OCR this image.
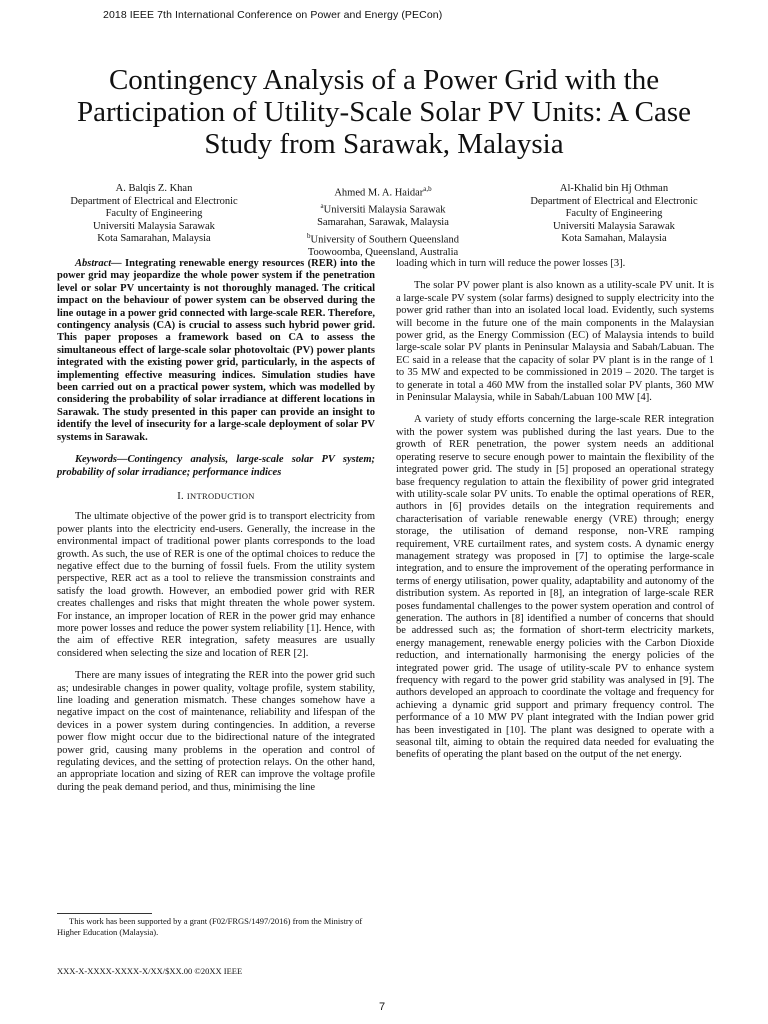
2018 IEEE 7th International Conference on Power and Energy (PECon)
Contingency Analysis of a Power Grid with the Participation of Utility-Scale Solar PV Units: A Case Study from Sarawak, Malaysia
A. Balqis Z. Khan
Department of Electrical and Electronic
Faculty of Engineering
Universiti Malaysia Sarawak
Kota Samarahan, Malaysia
Ahmed M. A. Haidar$^{a,b}$
$^a$Universiti Malaysia Sarawak
Samarahan, Sarawak, Malaysia
$^b$University of Southern Queensland
Toowoomba, Queensland, Australia
Al-Khalid bin Hj Othman
Department of Electrical and Electronic
Faculty of Engineering
Universiti Malaysia Sarawak
Kota Samahan, Malaysia

Abstract— Integrating renewable energy resources (RER) into the power grid may jeopardize the whole power system if the penetration level or solar PV uncertainty is not thoroughly managed. The critical impact on the behaviour of power system can be observed during the line outage in a power grid connected with large-scale RER. Therefore, contingency analysis (CA) is crucial to assess such hybrid power grid. This paper proposes a framework based on CA to assess the simultaneous effect of large-scale solar photovoltaic (PV) power plants integrated with the existing power grid, particularly, in the aspects of implementing effective measuring indices. Simulation studies have been carried out on a practical power system, which was modelled by considering the probability of solar irradiance at different locations in Sarawak. The study presented in this paper can provide an insight to identify the level of insecurity for a large-scale deployment of solar PV systems in Sarawak.

Keywords—Contingency analysis, large-scale solar PV system; probability of solar irradiance; performance indices

I. INTRODUCTION

The ultimate objective of the power grid is to transport electricity from power plants into the electricity end-users. Generally, the increase in the environmental impact of traditional power plants corresponds to the load growth. As such, the use of RER is one of the optimal choices to reduce the negative effect due to the burning of fossil fuels. From the utility system perspective, RER act as a tool to relieve the transmission constraints and satisfy the load growth. However, an embodied power grid with RER creates challenges and risks that might threaten the whole power system. For instance, an improper location of RER in the power grid may enhance more power losses and reduce the power system reliability [1]. Hence, with the aim of effective RER integration, safety measures are usually considered when selecting the size and location of RER [2].

There are many issues of integrating the RER into the power grid such as; undesirable changes in power quality, voltage profile, system stability, line loading and generation mismatch. These changes somehow have a negative impact on the cost of maintenance, reliability and lifespan of the devices in a power system during contingencies. In addition, a reverse power flow might occur due to the bidirectional nature of the integrated power grid, causing many problems in the operation and control of regulating devices, and the setting of protection relays. On the other hand, an appropriate location and sizing of RER can improve the voltage profile during the peak demand period, and thus, minimising the line

loading which in turn will reduce the power losses [3].

The solar PV power plant is also known as a utility-scale PV unit. It is a large-scale PV system (solar farms) designed to supply electricity into the power grid rather than into an isolated local load. Evidently, such systems will become in the future one of the main components in the Malaysian power grid, as the Energy Commission (EC) of Malaysia intends to build large-scale solar PV plants in Peninsular Malaysia and Sabah/Labuan. The EC said in a release that the capacity of solar PV plant is in the range of 1 to 35 MW and expected to be commissioned in 2019 – 2020. The target is to generate in total a 460 MW from the installed solar PV plants, 360 MW in Peninsular Malaysia, while in Sabah/Labuan 100 MW [4].

A variety of study efforts concerning the large-scale RER integration with the power system was published during the last years. Due to the growth of RER penetration, the power system needs an additional operating reserve to secure enough power to maintain the flexibility of the integrated power grid. The study in [5] proposed an operational strategy base frequency regulation to attain the flexibility of power grid integrated with utility-scale solar PV units. To enable the optimal operations of RER, authors in [6] provides details on the integration requirements and characterisation of variable renewable energy (VRE) through; energy storage, the utilisation of demand response, non-VRE ramping requirement, VRE curtailment rates, and system costs. A dynamic energy management strategy was proposed in [7] to optimise the large-scale integration, and to ensure the improvement of the operating performance in terms of energy utilisation, power quality, adaptability and autonomy of the distribution system. As reported in [8], an integration of large-scale RER poses fundamental challenges to the power system operation and control of generation. The authors in [8] identified a number of concerns that should be addressed such as; the formation of short-term electricity markets, energy management, renewable energy policies with the Carbon Dioxide reduction, and internationally harmonising the energy policies of the integrated power grid. The usage of utility-scale PV to enhance system frequency with regard to the power grid stability was analysed in [9]. The authors developed an approach to coordinate the voltage and frequency for achieving a dynamic grid support and primary frequency control. The performance of a 10 MW PV plant integrated with the Indian power grid has been investigated in [10]. The plant was designed to operate with a seasonal tilt, aiming to obtain the required data needed for evaluating the benefits of operating the plant based on the output of the net energy.

This work has been supported by a grant (F02/FRGS/1497/2016) from the Ministry of Higher Education (Malaysia).
XXX-X-XXXX-XXXX-X/XX/$XX.00 ©20XX IEEE
7
